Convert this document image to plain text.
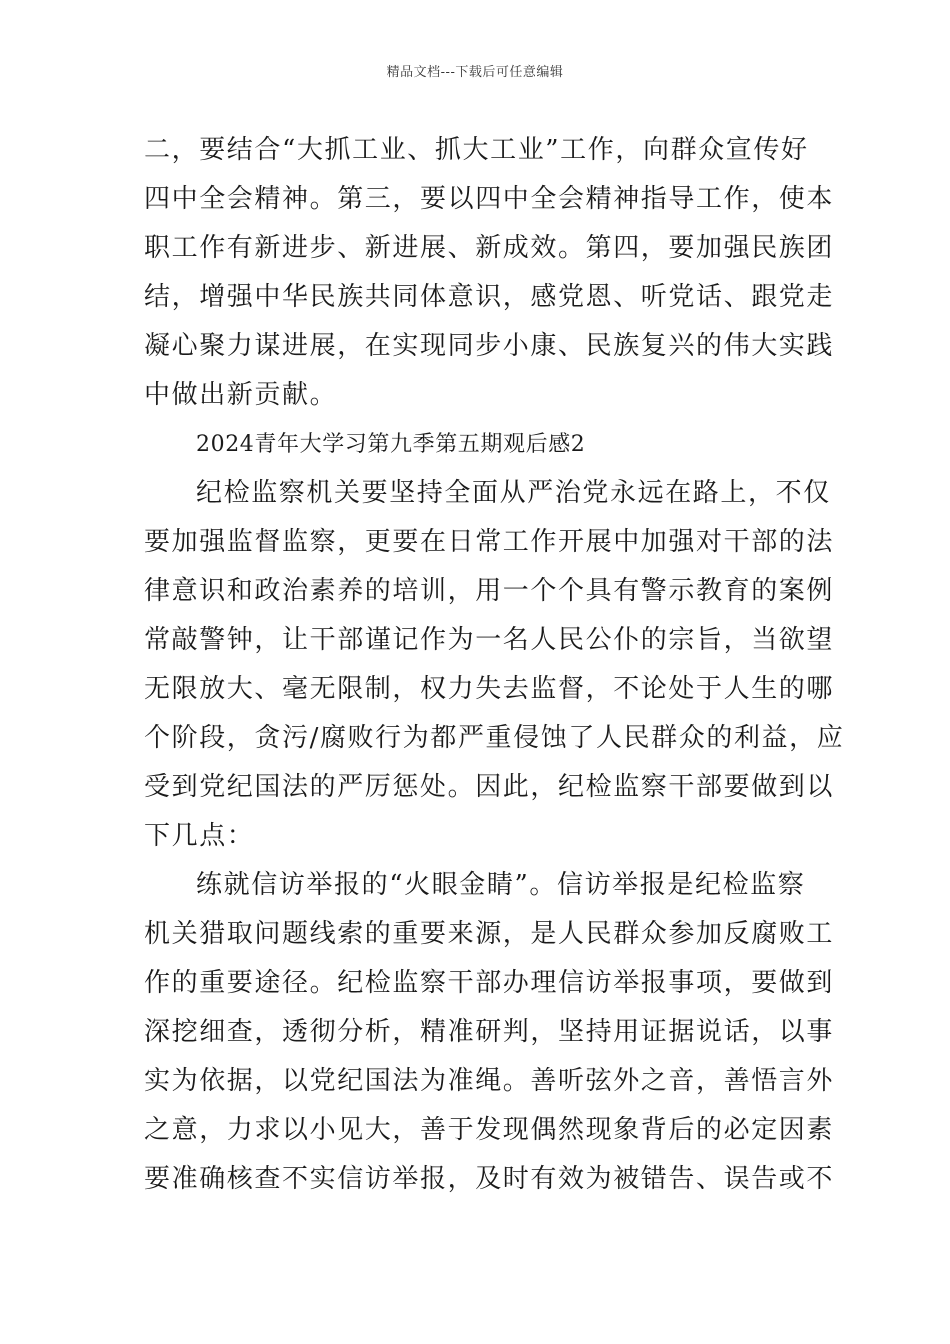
精品文档---下载后可任意编辑
二，要结合“大抓工业、抓大工业”工作，向群众宣传好
四中全会精神。第三，要以四中全会精神指导工作，使本
职工作有新进步、新进展、新成效。第四，要加强民族团
结，增强中华民族共同体意识，感党恩、听党话、跟党走
凝心聚力谋进展，在实现同步小康、民族复兴的伟大实践
中做出新贡献。
2024青年大学习第九季第五期观后感2
纪检监察机关要坚持全面从严治党永远在路上，不仅
要加强监督监察，更要在日常工作开展中加强对干部的法
律意识和政治素养的培训，用一个个具有警示教育的案例
常敲警钟，让干部谨记作为一名人民公仆的宗旨，当欲望
无限放大、毫无限制，权力失去监督，不论处于人生的哪
个阶段，贪污/腐败行为都严重侵蚀了人民群众的利益，应
受到党纪国法的严厉惩处。因此，纪检监察干部要做到以
下几点：
练就信访举报的“火眼金睛”。信访举报是纪检监察
机关猎取问题线索的重要来源，是人民群众参加反腐败工
作的重要途径。纪检监察干部办理信访举报事项，要做到
深挖细查，透彻分析，精准研判，坚持用证据说话，以事
实为依据，以党纪国法为准绳。善听弦外之音，善悟言外
之意，力求以小见大，善于发现偶然现象背后的必定因素
要准确核查不实信访举报，及时有效为被错告、误告或不
